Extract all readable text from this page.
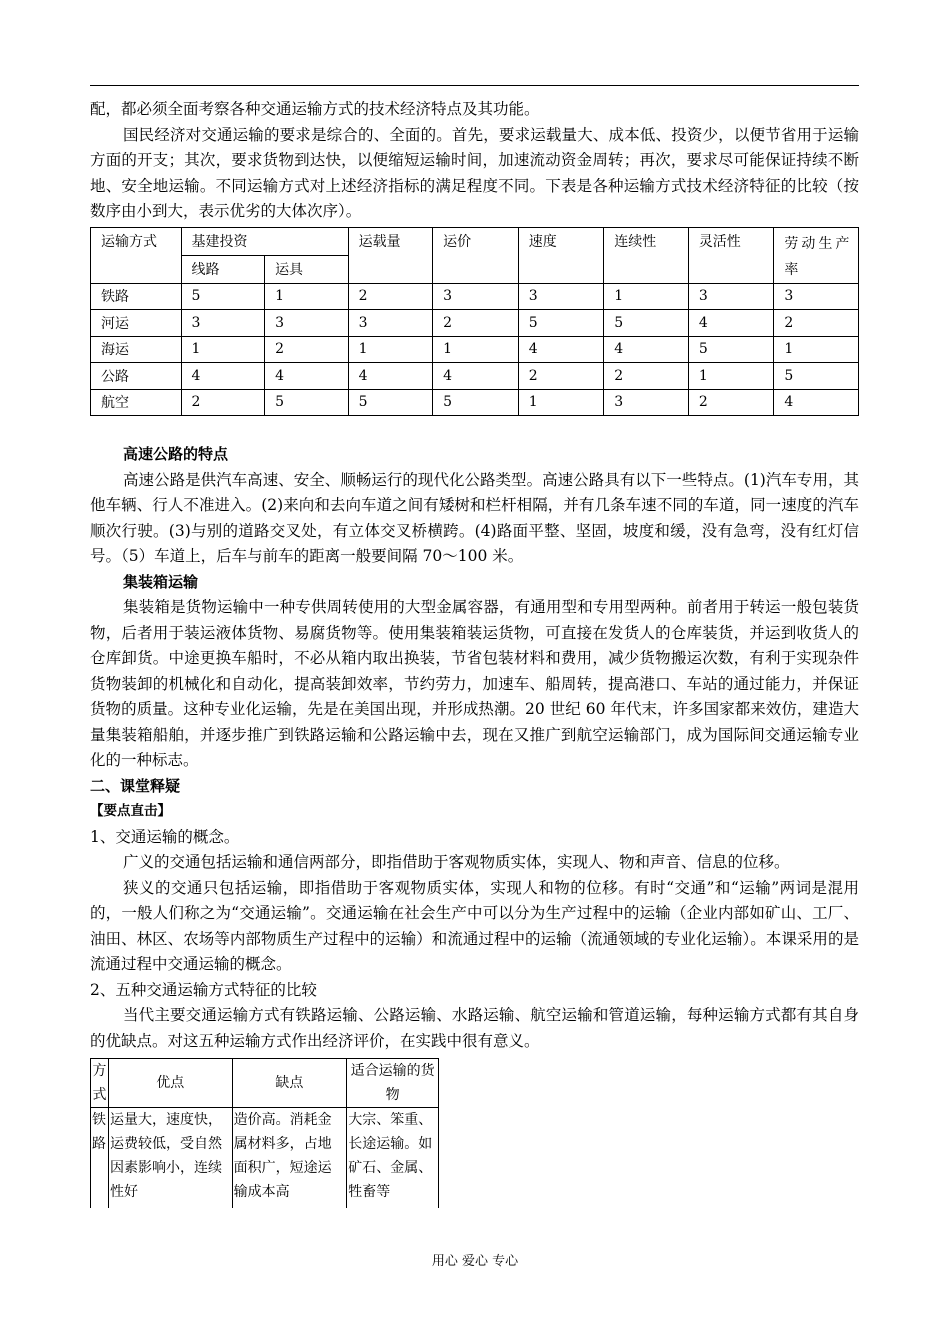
配，都必须全面考察各种交通运输方式的技术经济特点及其功能。

国民经济对交通运输的要求是综合的、全面的。首先，要求运载量大、成本低、投资少，以便节省用于运输方面的开支；其次，要求货物到达快，以便缩短运输时间，加速流动资金周转；再次，要求尽可能保证持续不断地、安全地运输。不同运输方式对上述经济指标的满足程度不同。下表是各种运输方式技术经济特征的比较（按数序由小到大，表示优劣的大体次序）。

运输方式	基建投资		运载量	运价	速度	连续性	灵活性	劳动生产率
	线路	运具						
铁路	5	1	2	3	3	1	3	3
河运	3	3	3	2	5	5	4	2
海运	1	2	1	1	4	4	5	1
公路	4	4	4	4	2	2	1	5
航空	2	5	5	5	1	3	2	4

高速公路的特点

高速公路是供汽车高速、安全、顺畅运行的现代化公路类型。高速公路具有以下一些特点。(1)汽车专用，其他车辆、行人不准进入。(2)来向和去向车道之间有矮树和栏杆相隔，并有几条车速不同的车道，同一速度的汽车顺次行驶。(3)与别的道路交叉处，有立体交叉桥横跨。(4)路面平整、坚固，坡度和缓，没有急弯，没有红灯信号。（5）车道上，后车与前车的距离一般要间隔 70～100 米。

集装箱运输

集装箱是货物运输中一种专供周转使用的大型金属容器，有通用型和专用型两种。前者用于转运一般包装货物，后者用于装运液体货物、易腐货物等。使用集装箱装运货物，可直接在发货人的仓库装货，并运到收货人的仓库卸货。中途更换车船时，不必从箱内取出换装，节省包装材料和费用，减少货物搬运次数，有利于实现杂件货物装卸的机械化和自动化，提高装卸效率，节约劳力，加速车、船周转，提高港口、车站的通过能力，并保证货物的质量。这种专业化运输，先是在美国出现，并形成热潮。20 世纪 60 年代末，许多国家都来效仿，建造大量集装箱船舶，并逐步推广到铁路运输和公路运输中去，现在又推广到航空运输部门，成为国际间交通运输专业化的一种标志。

二、课堂释疑

【要点直击】

1、交通运输的概念。

广义的交通包括运输和通信两部分，即指借助于客观物质实体，实现人、物和声音、信息的位移。

狭义的交通只包括运输，即指借助于客观物质实体，实现人和物的位移。有时“交通”和“运输”两词是混用的，一般人们称之为“交通运输”。交通运输在社会生产中可以分为生产过程中的运输（企业内部如矿山、工厂、油田、林区、农场等内部物质生产过程中的运输）和流通过程中的运输（流通领域的专业化运输）。本课采用的是流通过程中交通运输的概念。

2、五种交通运输方式特征的比较

当代主要交通运输方式有铁路运输、公路运输、水路运输、航空运输和管道运输，每种运输方式都有其自身的优缺点。对这五种运输方式作出经济评价，在实践中很有意义。

方式	优点	缺点	适合运输的货物
铁路	运量大，速度快，运费较低，受自然因素影响小，连续性好	造价高。消耗金属材料多，占地面积广，短途运输成本高	大宗、笨重、长途运输。如矿石、金属、牲畜等
用心 爱心 专心
